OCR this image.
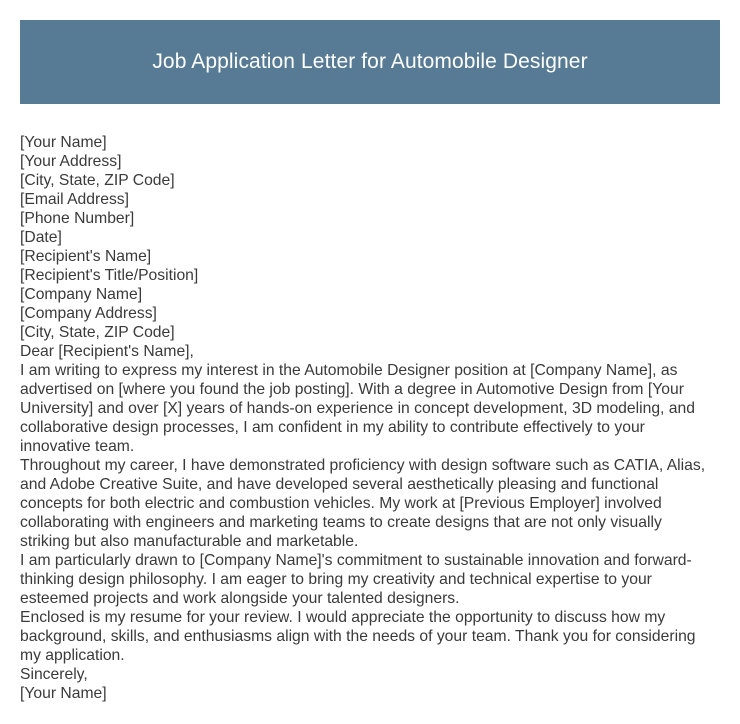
Job Application Letter for Automobile Designer
[Your Name]
[Your Address]
[City, State, ZIP Code]
[Email Address]
[Phone Number]
[Date]
[Recipient's Name]
[Recipient's Title/Position]
[Company Name]
[Company Address]
[City, State, ZIP Code]
Dear [Recipient's Name],
I am writing to express my interest in the Automobile Designer position at [Company Name], as
advertised on [where you found the job posting]. With a degree in Automotive Design from [Your
University] and over [X] years of hands-on experience in concept development, 3D modeling, and
collaborative design processes, I am confident in my ability to contribute effectively to your
innovative team.
Throughout my career, I have demonstrated proficiency with design software such as CATIA, Alias,
and Adobe Creative Suite, and have developed several aesthetically pleasing and functional
concepts for both electric and combustion vehicles. My work at [Previous Employer] involved
collaborating with engineers and marketing teams to create designs that are not only visually
striking but also manufacturable and marketable.
I am particularly drawn to [Company Name]'s commitment to sustainable innovation and forward-
thinking design philosophy. I am eager to bring my creativity and technical expertise to your
esteemed projects and work alongside your talented designers.
Enclosed is my resume for your review. I would appreciate the opportunity to discuss how my
background, skills, and enthusiasms align with the needs of your team. Thank you for considering
my application.
Sincerely,
[Your Name]
